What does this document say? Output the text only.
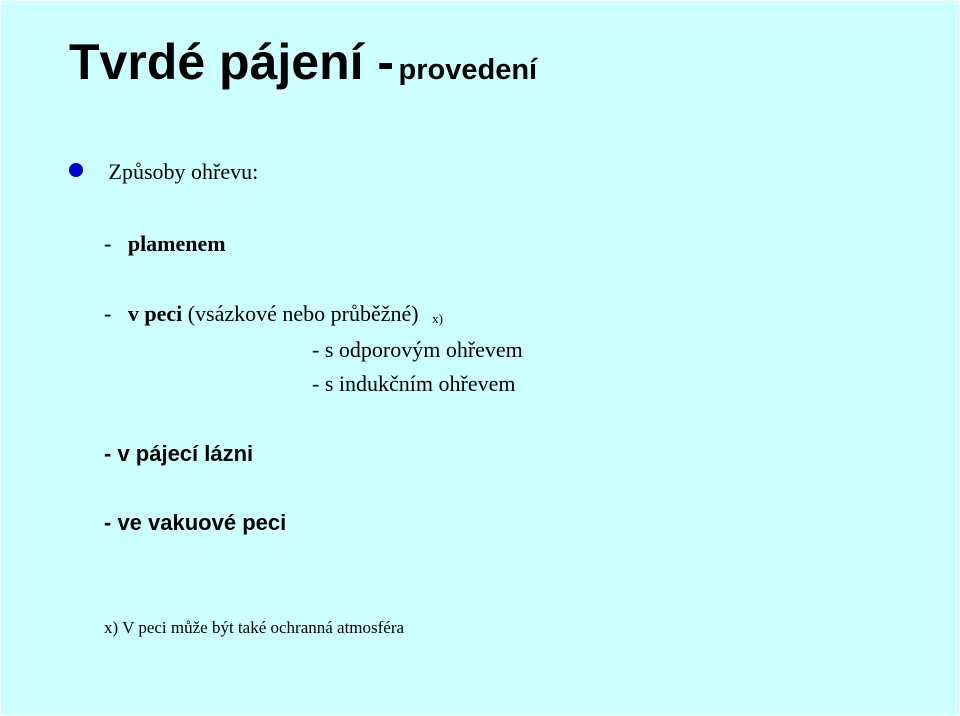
Tvrdé pájení - provedení
Způsoby ohřevu:
- plamenem
- v peci (vsázkové nebo průběžné) x)
- s odporovým ohřevem
- s indukčním ohřevem
- v pájecí lázni
- ve vakuové peci
x) V peci může být také ochranná atmosféra
